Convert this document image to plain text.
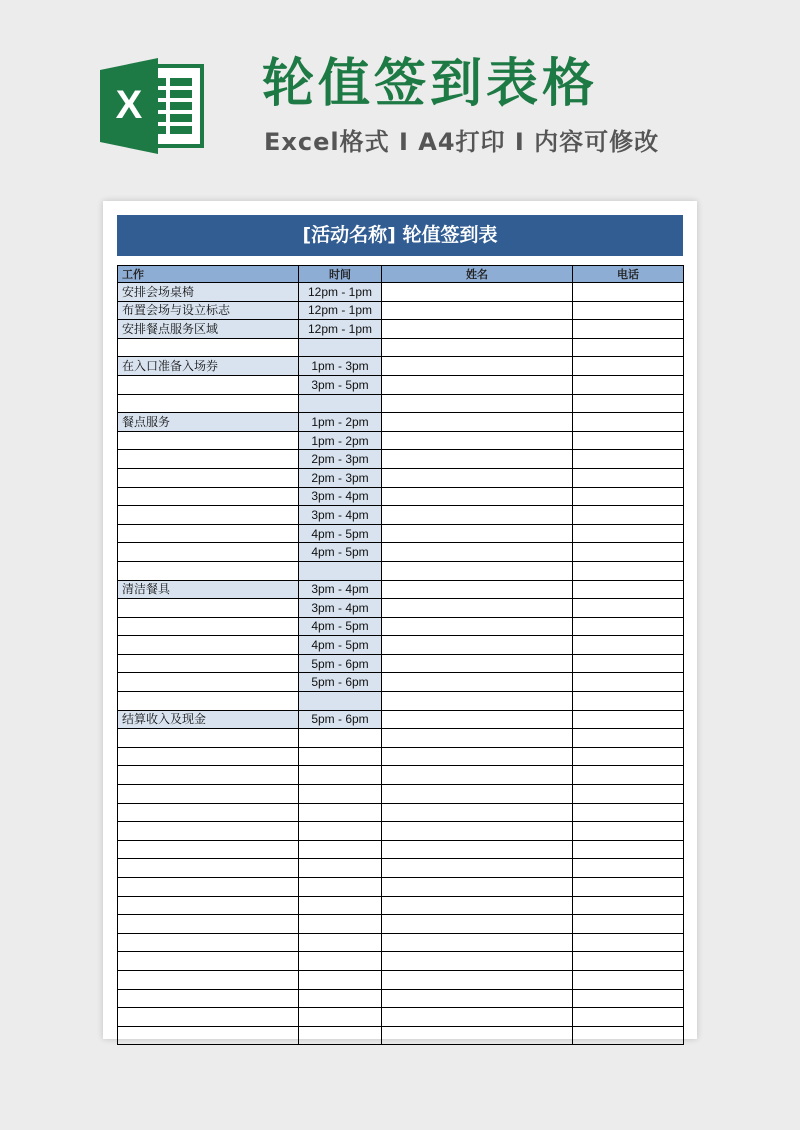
X 轮值签到表格
Excel格式 I A4打印 I 内容可修改
[活动名称] 轮值签到表
工作	时间	姓名	电话
安排会场桌椅	12pm - 1pm		
布置会场与设立标志	12pm - 1pm		
安排餐点服务区域	12pm - 1pm		

在入口准备入场券	1pm - 3pm		
	3pm - 5pm		

餐点服务	1pm - 2pm		
	1pm - 2pm		
	2pm - 3pm		
	2pm - 3pm		
	3pm - 4pm		
	3pm - 4pm		
	4pm - 5pm		
	4pm - 5pm		

清洁餐具	3pm - 4pm		
	3pm - 4pm		
	4pm - 5pm		
	4pm - 5pm		
	5pm - 6pm		
	5pm - 6pm		

结算收入及现金	5pm - 6pm		
